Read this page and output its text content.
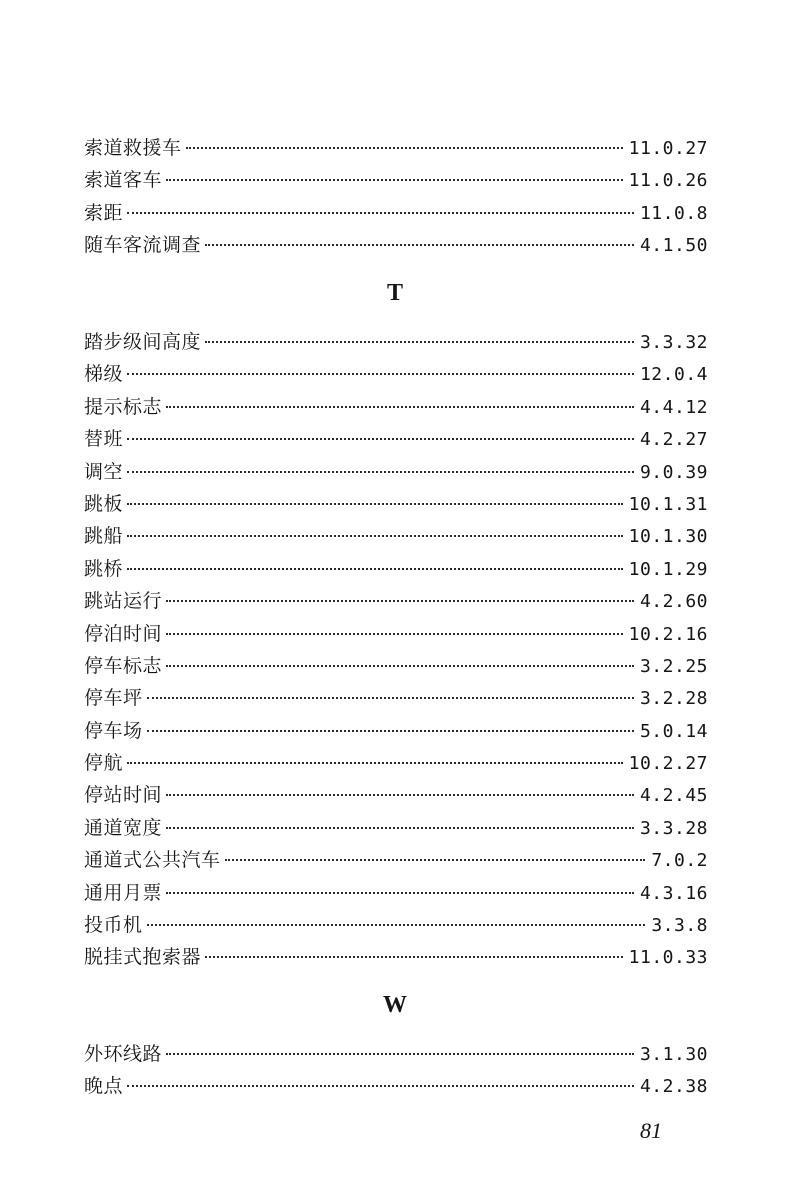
索道救援车	11.0.27
索道客车	11.0.26
索距	11.0.8
随车客流调查	4.1.50
T
踏步级间高度	3.3.32
梯级	12.0.4
提示标志	4.4.12
替班	4.2.27
调空	9.0.39
跳板	10.1.31
跳船	10.1.30
跳桥	10.1.29
跳站运行	4.2.60
停泊时间	10.2.16
停车标志	3.2.25
停车坪	3.2.28
停车场	5.0.14
停航	10.2.27
停站时间	4.2.45
通道宽度	3.3.28
通道式公共汽车	7.0.2
通用月票	4.3.16
投币机	3.3.8
脱挂式抱索器	11.0.33
W
外环线路	3.1.30
晚点	4.2.38
81
